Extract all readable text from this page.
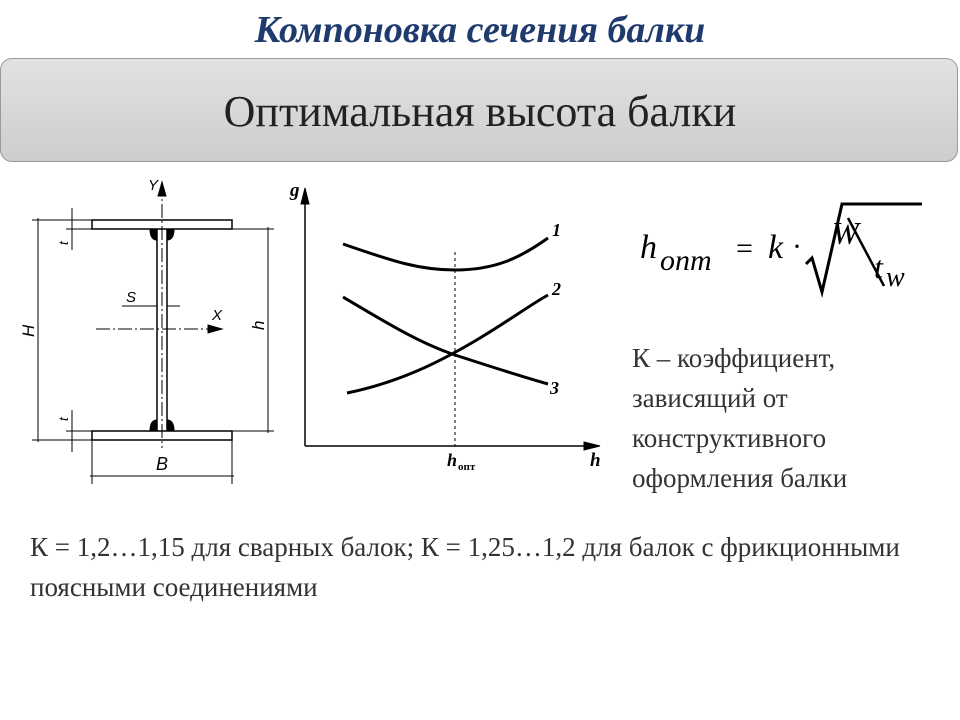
Компоновка сечения балки
Оптимальная высота балки
Y
X
S
B
H	h
t
t
g
h
h опт
1
2
3
h опт = k · W
t w
К – коэффициент, зависящий от конструктивного оформления балки
К = 1,2…1,15 для сварных балок; К = 1,25…1,2 для балок с фрикционными поясными соединениями
